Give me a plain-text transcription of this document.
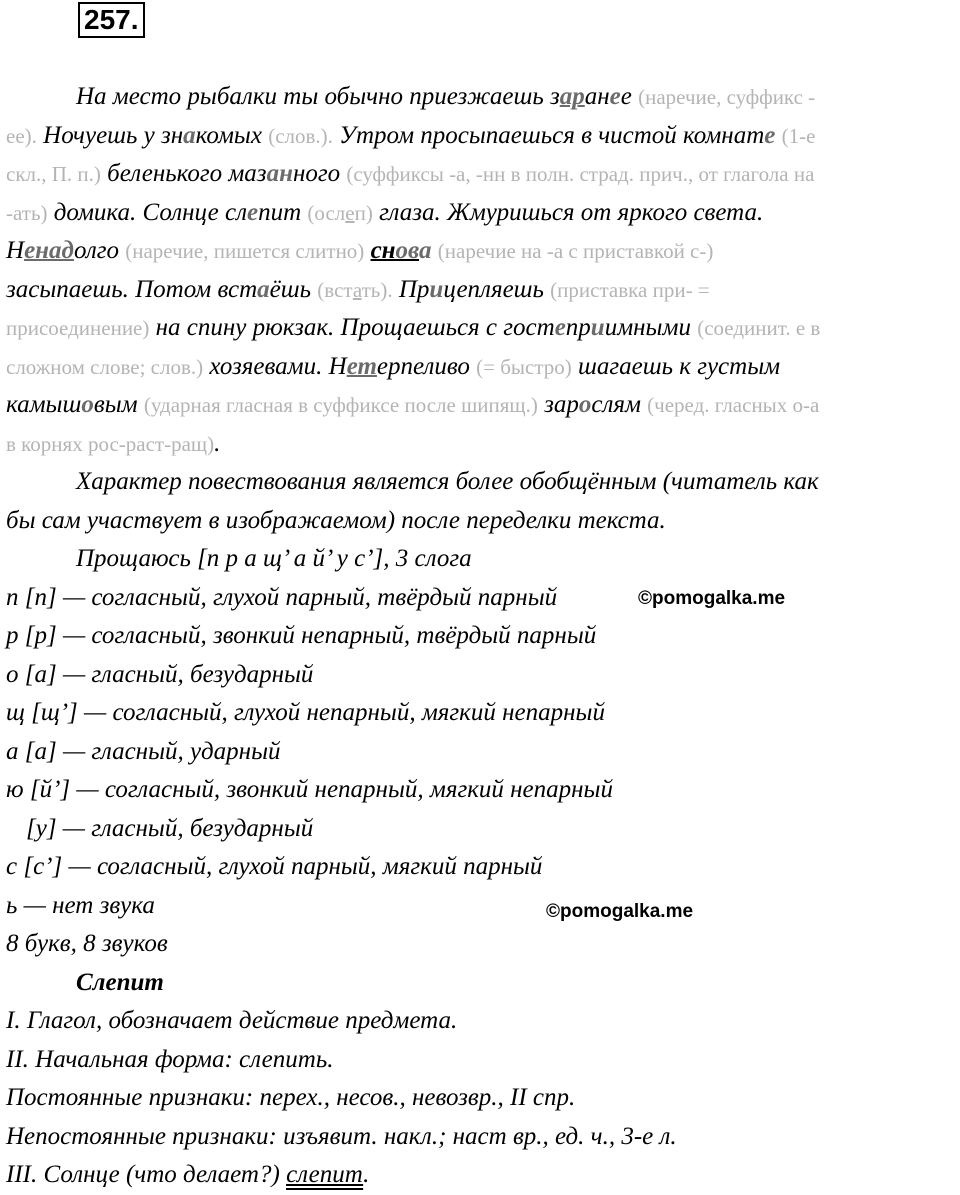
257.
На место рыбалки ты обычно приезжаешь заранее (наречие, суффикс -
ее). Ночуешь у знакомых (слов.). Утром просыпаешься в чистой комнате (1-е
скл., П. п.) беленького мазанного (суффиксы -а, -нн в полн. страд. прич., от глагола на
-ать) домика. Солнце слепит (ослеп) глаза. Жмуришься от яркого света.
Ненадолго (наречие, пишется слитно) снова (наречие на -а с приставкой с-)
засыпаешь. Потом встаёшь (встать). Прицепляешь (приставка при- =
присоединение) на спину рюкзак. Прощаешься с гостеприимными (соединит. е в
сложном слове; слов.) хозяевами. Нетерпеливо (= быстро) шагаешь к густым
камышовым (ударная гласная в суффиксе после шипящ.) зарослям (черед. гласных о-а
в корнях рос-раст-ращ).
Характер повествования является более обобщённым (читатель как
бы сам участвует в изображаемом) после переделки текста.
Прощаюсь [п р а щ’ а й’ у с’], 3 слога
п [п] — согласный, глухой парный, твёрдый парный
р [р] — согласный, звонкий непарный, твёрдый парный
о [а] — гласный, безударный
щ [щ’] — согласный, глухой непарный, мягкий непарный
а [а] — гласный, ударный
ю [й’] — согласный, звонкий непарный, мягкий непарный
[у] — гласный, безударный
с [с’] — согласный, глухой парный, мягкий парный
ь — нет звука
8 букв, 8 звуков
Слепит
I. Глагол, обозначает действие предмета.
II. Начальная форма: слепить.
Постоянные признаки: перех., несов., невозвр., II спр.
Непостоянные признаки: изъявит. накл.; наст вр., ед. ч., 3-е л.
III. Солнце (что делает?) слепит.
©pomogalka.me
©pomogalka.me
